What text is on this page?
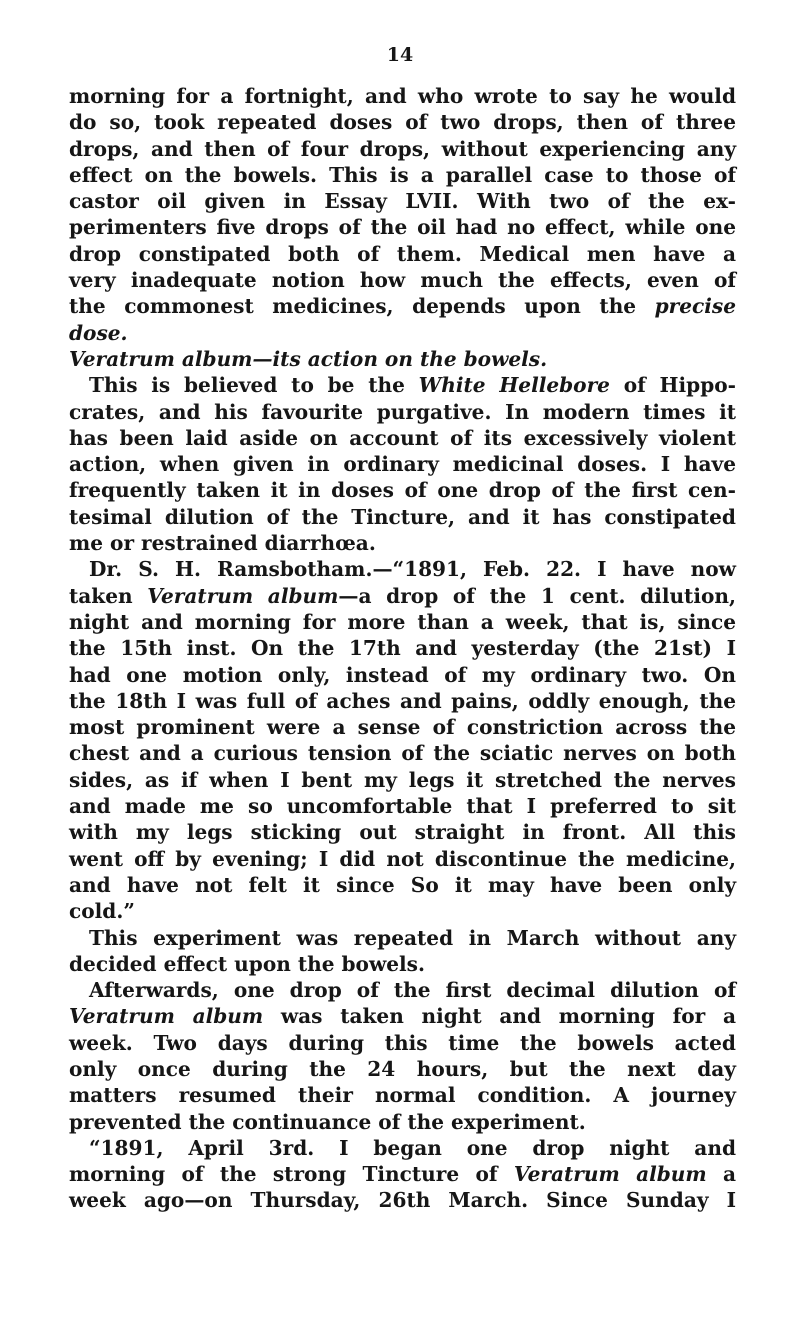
14
morning for a fortnight, and who wrote to say he would
do so, took repeated doses of two drops, then of three
drops, and then of four drops, without experiencing any
effect on the bowels. This is a parallel case to those of
castor oil given in Essay LVII. With two of the ex-
perimenters five drops of the oil had no effect, while one
drop constipated both of them. Medical men have a
very inadequate notion how much the effects, even of
the commonest medicines, depends upon the precise
dose.
Veratrum album—its action on the bowels.
This is believed to be the White Hellebore of Hippo-
crates, and his favourite purgative. In modern times it
has been laid aside on account of its excessively violent
action, when given in ordinary medicinal doses. I have
frequently taken it in doses of one drop of the first cen-
tesimal dilution of the Tincture, and it has constipated
me or restrained diarrhœa.
Dr. S. H. Ramsbotham.—“1891, Feb. 22. I have now
taken Veratrum album—a drop of the 1 cent. dilution,
night and morning for more than a week, that is, since
the 15th inst. On the 17th and yesterday (the 21st) I
had one motion only, instead of my ordinary two. On
the 18th I was full of aches and pains, oddly enough, the
most prominent were a sense of constriction across the
chest and a curious tension of the sciatic nerves on both
sides, as if when I bent my legs it stretched the nerves
and made me so uncomfortable that I preferred to sit
with my legs sticking out straight in front. All this
went off by evening; I did not discontinue the medicine,
and have not felt it since So it may have been only
cold.”
This experiment was repeated in March without any
decided effect upon the bowels.
Afterwards, one drop of the first decimal dilution of
Veratrum album was taken night and morning for a
week. Two days during this time the bowels acted
only once during the 24 hours, but the next day
matters resumed their normal condition. A journey
prevented the continuance of the experiment.
“1891, April 3rd. I began one drop night and
morning of the strong Tincture of Veratrum album a
week ago—on Thursday, 26th March. Since Sunday I
